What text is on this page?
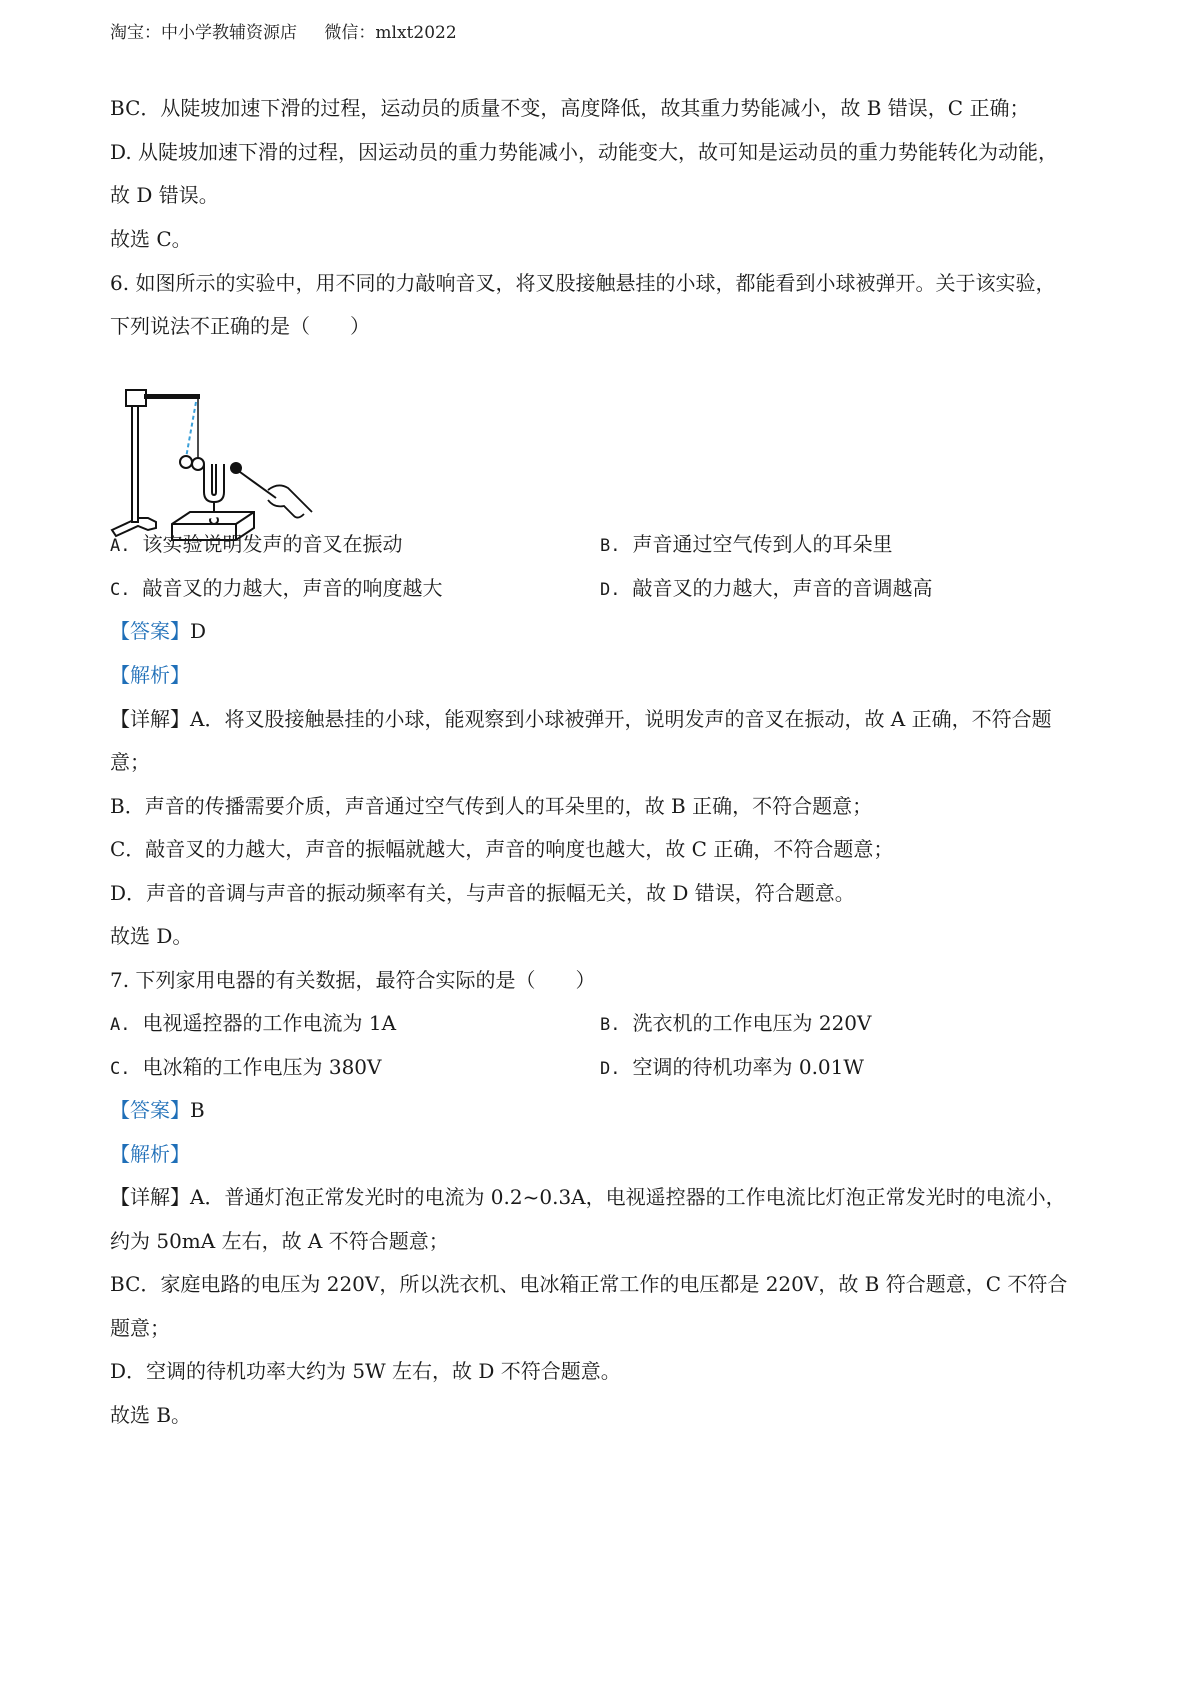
淘宝：中小学教辅资源店 微信：mlxt2022
BC．从陡坡加速下滑的过程，运动员的质量不变，高度降低，故其重力势能减小，故 B 错误，C 正确；
D. 从陡坡加速下滑的过程，因运动员的重力势能减小，动能变大，故可知是运动员的重力势能转化为动能，
故 D 错误。
故选 C。
6. 如图所示的实验中，用不同的力敲响音叉，将叉股接触悬挂的小球，都能看到小球被弹开。关于该实验，
下列说法不正确的是（　　）
A. 该实验说明发声的音叉在振动	B. 声音通过空气传到人的耳朵里
C. 敲音叉的力越大，声音的响度越大	D. 敲音叉的力越大，声音的音调越高
【答案】D
【解析】
【详解】A．将叉股接触悬挂的小球，能观察到小球被弹开，说明发声的音叉在振动，故 A 正确，不符合题
意；
B．声音的传播需要介质，声音通过空气传到人的耳朵里的，故 B 正确，不符合题意；
C．敲音叉的力越大，声音的振幅就越大，声音的响度也越大，故 C 正确，不符合题意；
D．声音的音调与声音的振动频率有关，与声音的振幅无关，故 D 错误，符合题意。
故选 D。
7. 下列家用电器的有关数据，最符合实际的是（　　）
A. 电视遥控器的工作电流为 1A	B. 洗衣机的工作电压为 220V
C. 电冰箱的工作电压为 380V	D. 空调的待机功率为 0.01W
【答案】B
【解析】
【详解】A．普通灯泡正常发光时的电流为 0.2~0.3A，电视遥控器的工作电流比灯泡正常发光时的电流小，
约为 50mA 左右，故 A 不符合题意；
BC．家庭电路的电压为 220V，所以洗衣机、电冰箱正常工作的电压都是 220V，故 B 符合题意，C 不符合
题意；
D．空调的待机功率大约为 5W 左右，故 D 不符合题意。
故选 B。
